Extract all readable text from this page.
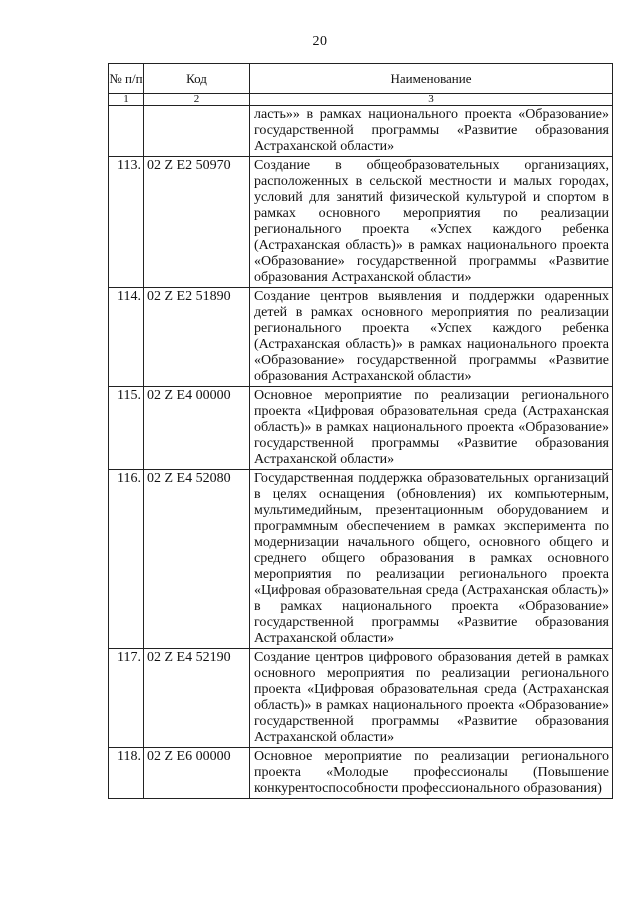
20
№ п/п	Код	Наименование
1	2	3
		ласть»» в рамках национального проекта «Образование» государственной программы «Развитие образования Астраханской области»
113.	02 Z E2 50970	Создание в общеобразовательных организациях, расположенных в сельской местности и малых городах, условий для занятий физической культурой и спортом в рамках основного мероприятия по реализации регионального проекта «Успех каждого ребенка (Астраханская область)» в рамках национального проекта «Образование» государственной программы «Развитие образования Астраханской области»
114.	02 Z E2 51890	Создание центров выявления и поддержки одаренных детей в рамках основного мероприятия по реализации регионального проекта «Успех каждого ребенка (Астраханская область)» в рамках национального проекта «Образование» государственной программы «Развитие образования Астраханской области»
115.	02 Z E4 00000	Основное мероприятие по реализации регионального проекта «Цифровая образовательная среда (Астраханская область)» в рамках национального проекта «Образование» государственной программы «Развитие образования Астраханской области»
116.	02 Z E4 52080	Государственная поддержка образовательных организаций в целях оснащения (обновления) их компьютерным, мультимедийным, презентационным оборудованием и программным обеспечением в рамках эксперимента по модернизации начального общего, основного общего и среднего общего образования в рамках основного мероприятия по реализации регионального проекта «Цифровая образовательная среда (Астраханская область)» в рамках национального проекта «Образование» государственной программы «Развитие образования Астраханской области»
117.	02 Z E4 52190	Создание центров цифрового образования детей в рамках основного мероприятия по реализации регионального проекта «Цифровая образовательная среда (Астраханская область)» в рамках национального проекта «Образование» государственной программы «Развитие образования Астраханской области»
118.	02 Z E6 00000	Основное мероприятие по реализации регионального проекта «Молодые профессионалы (Повышение конкурентоспособности профессионального образования)
